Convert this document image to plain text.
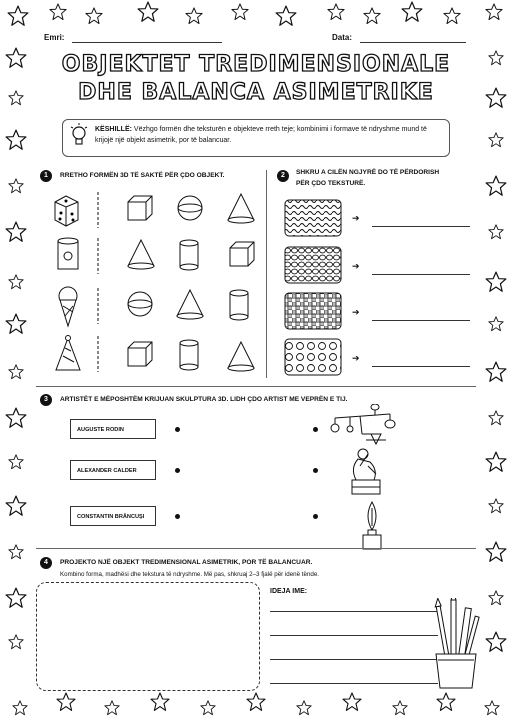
Emri:	Data:
OBJEKTET TREDIMENSIONALE
DHE BALANCA ASIMETRIKE
KËSHILLË: Vëzhgo formën dhe teksturën e objekteve rreth teje; kombinimi i formave të ndryshme mund të krijojë një objekt asimetrik, por të balancuar.
1	RRETHO FORMËN 3D TË SAKTË PËR ÇDO OBJEKT.	2	SHKRU A CILËN NGJYRË DO TË PËRDORISH
PËR ÇDO TEKSTURË.
➔
➔
➔
➔
3	ARTISTËT E MËPOSHTËM KRIJUAN SKULPTURA 3D. LIDH ÇDO ARTIST ME VEPRËN E TIJ.
AUGUSTE RODIN
ALEXANDER CALDER
CONSTANTIN BRÂNCUȘI
4	PROJEKTO NJË OBJEKT TREDIMENSIONAL ASIMETRIK, POR TË BALANCUAR.
Kombino forma, madhësi dhe tekstura të ndryshme. Më pas, shkruaj 2–3 fjalë për idenë tënde.
IDEJA IME:
